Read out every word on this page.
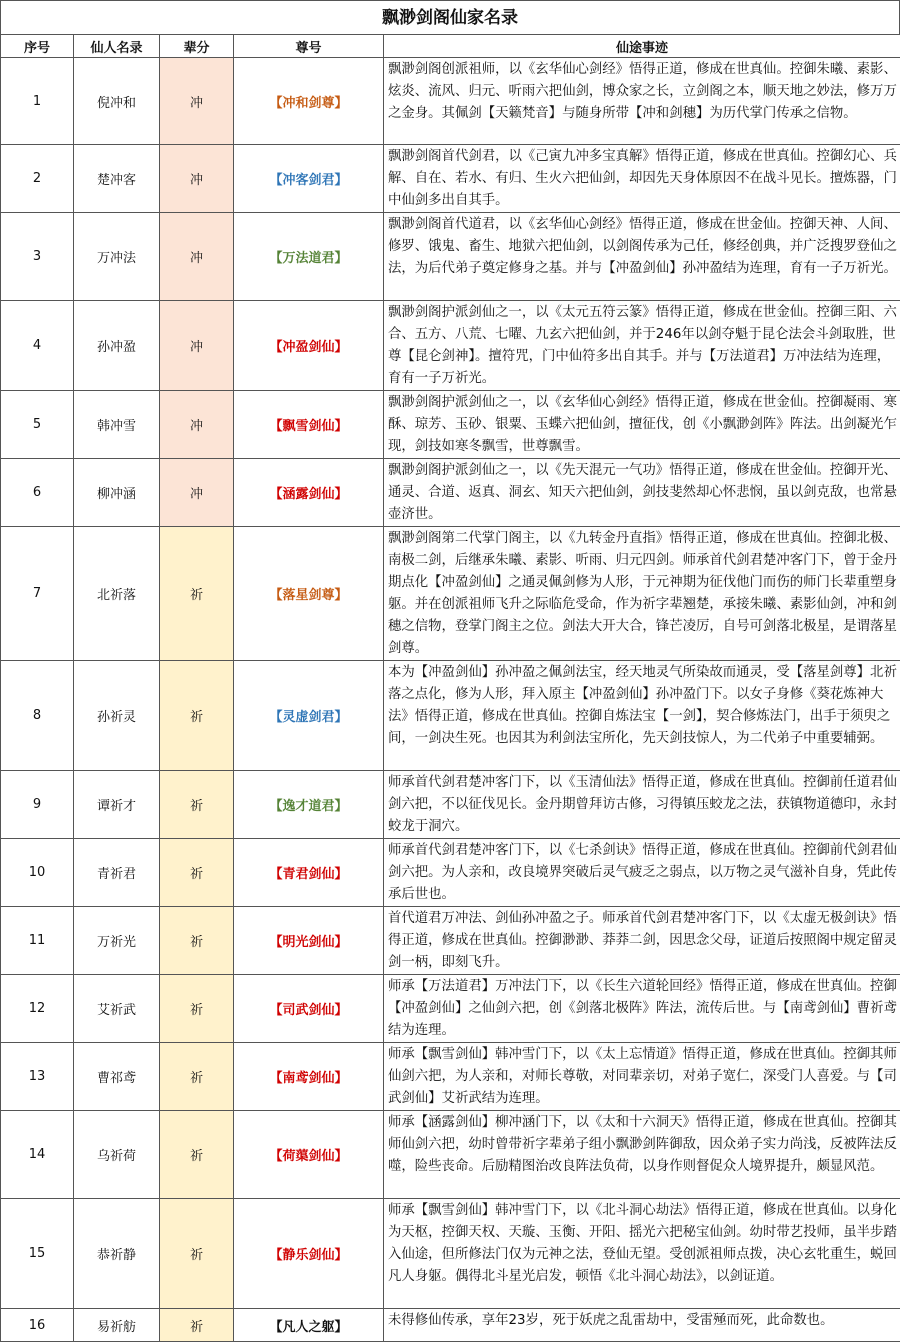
飘渺剑阁仙家名录
序号	仙人名录	辈分	尊号	仙途事迹
1	倪冲和	冲	【冲和剑尊】	飘渺剑阁创派祖师，以《玄华仙心剑经》悟得正道，修成在世真仙。控御朱曦、素影、炫炎、流风、归元、听雨六把仙剑，博众家之长，立剑阁之本，顺天地之妙法，修万万之金身。其佩剑【天籁梵音】与随身所带【冲和剑穗】为历代掌门传承之信物。
2	楚冲客	冲	【冲客剑君】	飘渺剑阁首代剑君，以《己寅九冲多宝真解》悟得正道，修成在世真仙。控御幻心、兵解、自在、若水、有归、生火六把仙剑，却因先天身体原因不在战斗见长。擅炼器，门中仙剑多出自其手。
3	万冲法	冲	【万法道君】	飘渺剑阁首代道君，以《玄华仙心剑经》悟得正道，修成在世金仙。控御天神、人间、修罗、饿鬼、畜生、地狱六把仙剑，以剑阁传承为己任，修经创典，并广泛搜罗登仙之法，为后代弟子奠定修身之基。并与【冲盈剑仙】孙冲盈结为连理，育有一子万祈光。
4	孙冲盈	冲	【冲盈剑仙】	飘渺剑阁护派剑仙之一，以《太元五符云篆》悟得正道，修成在世金仙。控御三阳、六合、五方、八荒、七曜、九玄六把仙剑，并于246年以剑夺魁于昆仑法会斗剑取胜，世尊【昆仑剑神】。擅符咒，门中仙符多出自其手。并与【万法道君】万冲法结为连理，育有一子万祈光。
5	韩冲雪	冲	【飘雪剑仙】	飘渺剑阁护派剑仙之一，以《玄华仙心剑经》悟得正道，修成在世金仙。控御凝雨、寒酥、琼芳、玉砂、银粟、玉蝶六把仙剑，擅征伐，创《小飘渺剑阵》阵法。出剑凝光乍现，剑技如寒冬飘雪，世尊飘雪。
6	柳冲涵	冲	【涵露剑仙】	飘渺剑阁护派剑仙之一，以《先天混元一气功》悟得正道，修成在世金仙。控御开光、通灵、合道、返真、洞玄、知天六把仙剑，剑技斐然却心怀悲悯，虽以剑克敌，也常悬壶济世。
7	北祈落	祈	【落星剑尊】	飘渺剑阁第二代掌门阁主，以《九转金丹直指》悟得正道，修成在世真仙。控御北极、南极二剑，后继承朱曦、素影、听雨、归元四剑。师承首代剑君楚冲客门下，曾于金丹期点化【冲盈剑仙】之通灵佩剑修为人形，于元神期为征伐他门而伤的师门长辈重塑身躯。并在创派祖师飞升之际临危受命，作为祈字辈翘楚，承接朱曦、素影仙剑，冲和剑穗之信物，登掌门阁主之位。剑法大开大合，锋芒凌厉，自号可剑落北极星，是谓落星剑尊。
8	孙祈灵	祈	【灵虚剑君】	本为【冲盈剑仙】孙冲盈之佩剑法宝，经天地灵气所染故而通灵，受【落星剑尊】北祈落之点化，修为人形，拜入原主【冲盈剑仙】孙冲盈门下。以女子身修《葵花炼神大法》悟得正道，修成在世真仙。控御自炼法宝【一剑】，契合修炼法门，出手于须臾之间，一剑决生死。也因其为利剑法宝所化，先天剑技惊人，为二代弟子中重要辅弼。
9	谭祈才	祈	【逸才道君】	师承首代剑君楚冲客门下，以《玉清仙法》悟得正道，修成在世真仙。控御前任道君仙剑六把，不以征伐见长。金丹期曾拜访古修，习得镇压蛟龙之法，获镇物道德印，永封蛟龙于洞穴。
10	青祈君	祈	【青君剑仙】	师承首代剑君楚冲客门下，以《七杀剑诀》悟得正道，修成在世真仙。控御前代剑君仙剑六把。为人亲和，改良境界突破后灵气疲乏之弱点，以万物之灵气滋补自身，凭此传承后世也。
11	万祈光	祈	【明光剑仙】	首代道君万冲法、剑仙孙冲盈之子。师承首代剑君楚冲客门下，以《太虚无极剑诀》悟得正道，修成在世真仙。控御渺渺、莽莽二剑，因思念父母，证道后按照阁中规定留灵剑一柄，即刻飞升。
12	艾祈武	祈	【司武剑仙】	师承【万法道君】万冲法门下，以《长生六道轮回经》悟得正道，修成在世真仙。控御【冲盈剑仙】之仙剑六把，创《剑落北极阵》阵法，流传后世。与【南鸢剑仙】曹祈鸢结为连理。
13	曹祁鸢	祈	【南鸢剑仙】	师承【飘雪剑仙】韩冲雪门下，以《太上忘情道》悟得正道，修成在世真仙。控御其师仙剑六把，为人亲和，对师长尊敬，对同辈亲切，对弟子宽仁，深受门人喜爱。与【司武剑仙】艾祈武结为连理。
14	乌祈荷	祈	【荷蕖剑仙】	师承【涵露剑仙】柳冲涵门下，以《太和十六洞天》悟得正道，修成在世真仙。控御其师仙剑六把，幼时曾带祈字辈弟子组小飘渺剑阵御敌，因众弟子实力尚浅，反被阵法反噬，险些丧命。后励精图治改良阵法负荷，以身作则督促众人境界提升，颇显风范。
15	恭祈静	祈	【静乐剑仙】	师承【飘雪剑仙】韩冲雪门下，以《北斗洞心劫法》悟得正道，修成在世真仙。以身化为天枢，控御天权、天璇、玉衡、开阳、摇光六把秘宝仙剑。幼时带艺投师，虽半步踏入仙途，但所修法门仅为元神之法，登仙无望。受创派祖师点拨，决心玄牝重生，蜕回凡人身躯。偶得北斗星光启发，顿悟《北斗洞心劫法》，以剑证道。
16	易祈舫	祈	【凡人之躯】	未得修仙传承，享年23岁，死于妖虎之乱雷劫中，受雷殛而死，此命数也。
